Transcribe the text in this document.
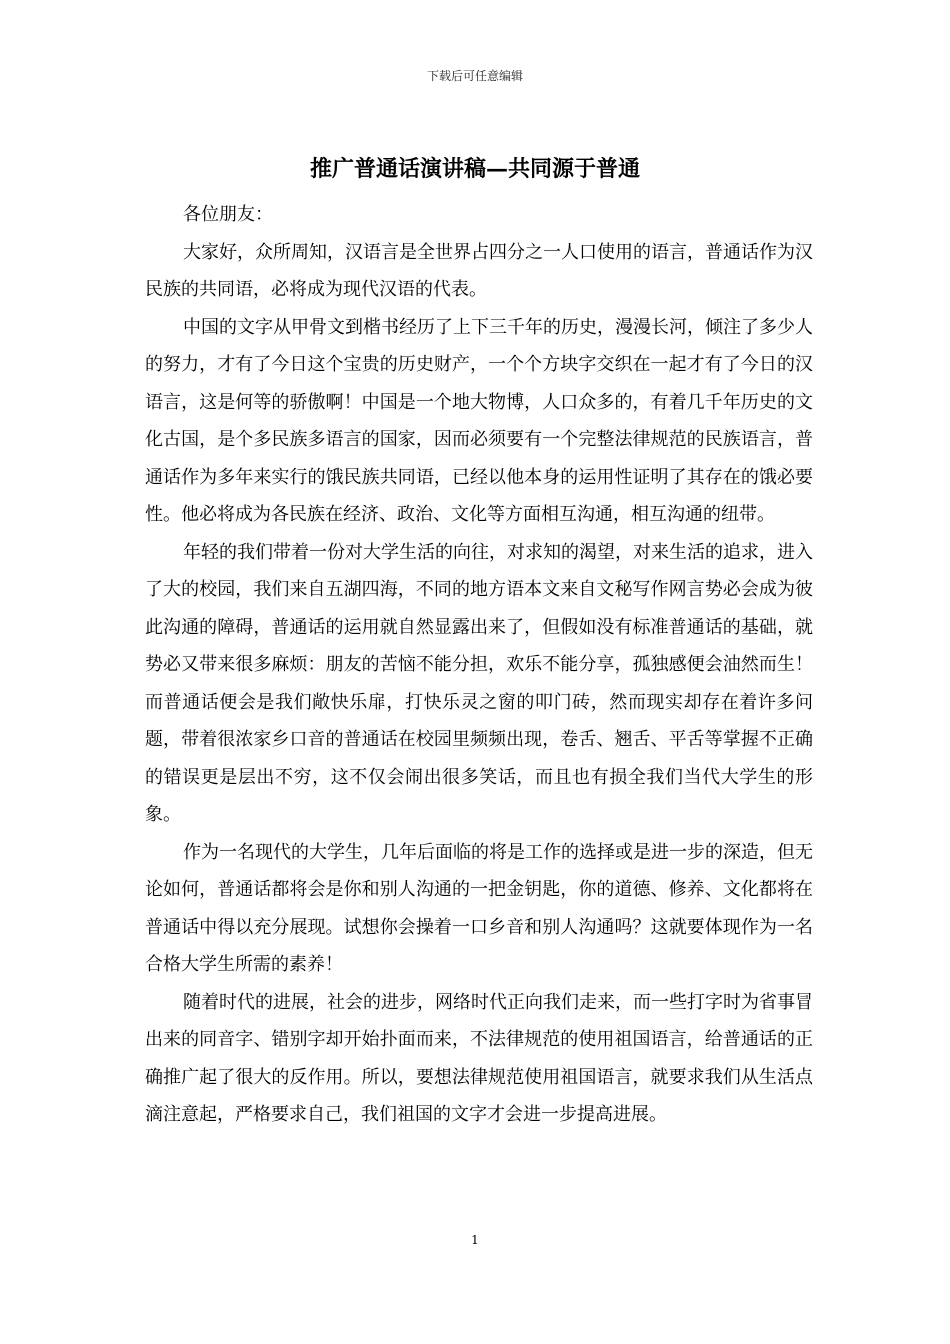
下载后可任意编辑
推广普通话演讲稿—共同源于普通

各位朋友：

大家好，众所周知，汉语言是全世界占四分之一人口使用的语言，普通话作为汉民族的共同语，必将成为现代汉语的代表。

中国的文字从甲骨文到楷书经历了上下三千年的历史，漫漫长河，倾注了多少人的努力，才有了今日这个宝贵的历史财产，一个个方块字交织在一起才有了今日的汉语言，这是何等的骄傲啊！中国是一个地大物博，人口众多的，有着几千年历史的文化古国，是个多民族多语言的国家，因而必须要有一个完整法律规范的民族语言，普通话作为多年来实行的饿民族共同语，已经以他本身的运用性证明了其存在的饿必要性。他必将成为各民族在经济、政治、文化等方面相互沟通，相互沟通的纽带。

年轻的我们带着一份对大学生活的向往，对求知的渴望，对来生活的追求，进入了大的校园，我们来自五湖四海，不同的地方语本文来自文秘写作网言势必会成为彼此沟通的障碍，普通话的运用就自然显露出来了，但假如没有标准普通话的基础，就势必又带来很多麻烦：朋友的苦恼不能分担，欢乐不能分享，孤独感便会油然而生！而普通话便会是我们敞快乐扉，打快乐灵之窗的叩门砖，然而现实却存在着许多问题，带着很浓家乡口音的普通话在校园里频频出现，卷舌、翘舌、平舌等掌握不正确的错误更是层出不穷，这不仅会闹出很多笑话，而且也有损全我们当代大学生的形象。

作为一名现代的大学生，几年后面临的将是工作的选择或是进一步的深造，但无论如何，普通话都将会是你和别人沟通的一把金钥匙，你的道德、修养、文化都将在普通话中得以充分展现。试想你会操着一口乡音和别人沟通吗？这就要体现作为一名合格大学生所需的素养！

随着时代的进展，社会的进步，网络时代正向我们走来，而一些打字时为省事冒出来的同音字、错别字却开始扑面而来，不法律规范的使用祖国语言，给普通话的正确推广起了很大的反作用。所以，要想法律规范使用祖国语言，就要求我们从生活点滴注意起，严格要求自己，我们祖国的文字才会进一步提高进展。

1
